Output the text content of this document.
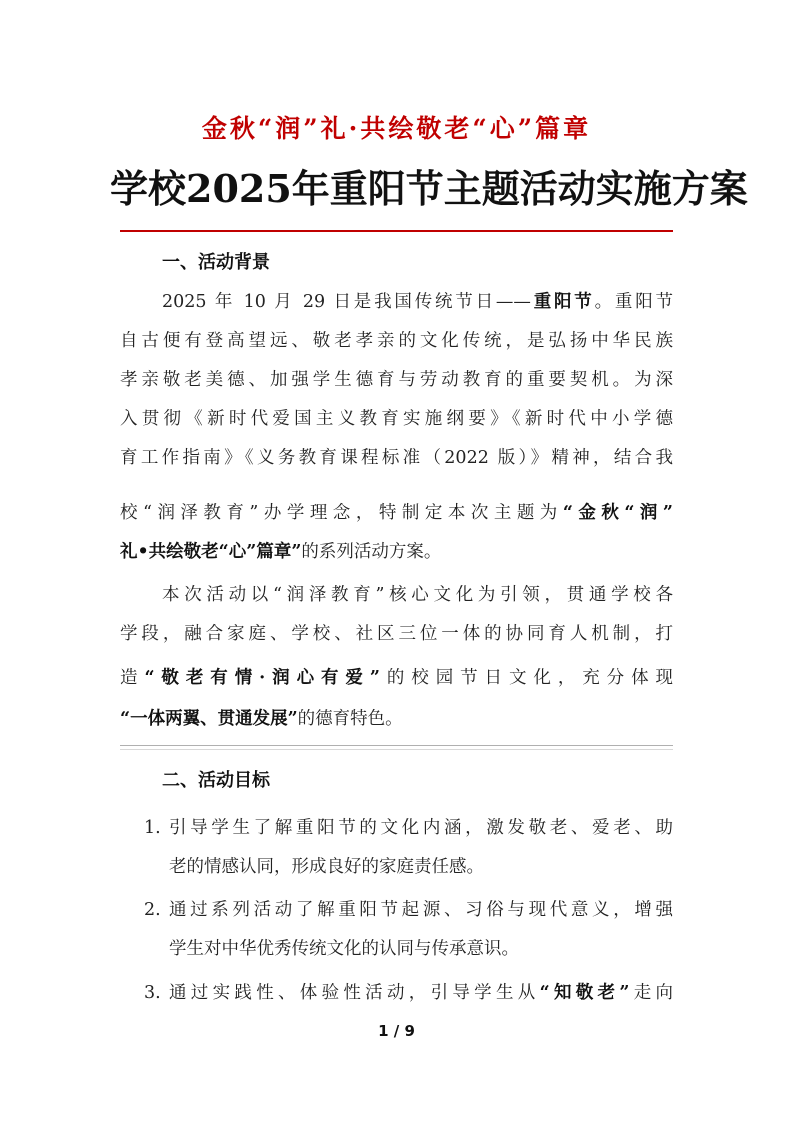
金秋“润”礼·共绘敬老“心”篇章
学校2025年重阳节主题活动实施方案
一、活动背景
2025 年 10 月 29 日是我国传统节日——重阳节。重阳节
自古便有登高望远、敬老孝亲的文化传统，是弘扬中华民族
孝亲敬老美德、加强学生德育与劳动教育的重要契机。为深
入贯彻《新时代爱国主义教育实施纲要》《新时代中小学德
育工作指南》《义务教育课程标准（2022 版）》精神，结合我
校“润泽教育”办学理念，特制定本次主题为“金秋“润”
礼•共绘敬老“心”篇章”的系列活动方案。
本次活动以“润泽教育”核心文化为引领，贯通学校各
学段，融合家庭、学校、社区三位一体的协同育人机制，打
造“敬老有情·润心有爱”的校园节日文化，充分体现
“一体两翼、贯通发展”的德育特色。
二、活动目标
1. 引导学生了解重阳节的文化内涵，激发敬老、爱老、助
老的情感认同，形成良好的家庭责任感。
2. 通过系列活动了解重阳节起源、习俗与现代意义，增强
学生对中华优秀传统文化的认同与传承意识。
3. 通过实践性、体验性活动，引导学生从“知敬老”走向
1 / 9
